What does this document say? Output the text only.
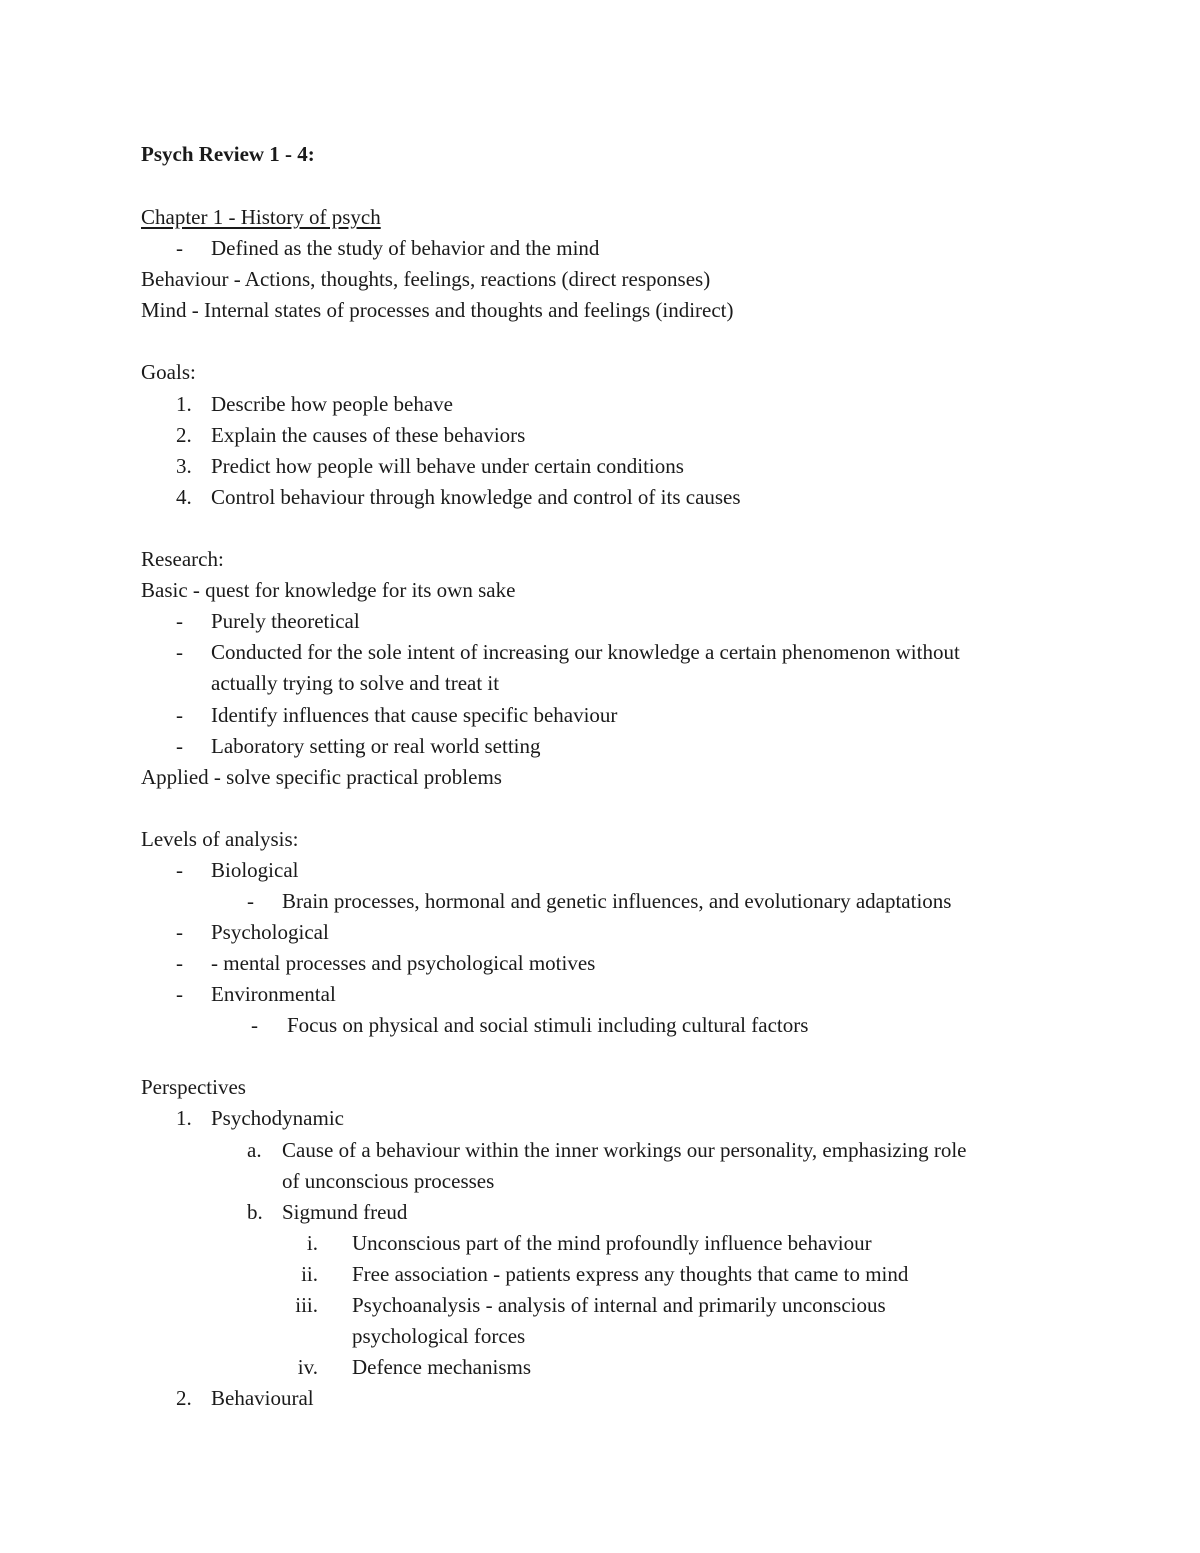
Psych Review 1 - 4:
Chapter 1 - History of psych
- Defined as the study of behavior and the mind
Behaviour - Actions, thoughts, feelings, reactions (direct responses)
Mind - Internal states of processes and thoughts and feelings (indirect)
Goals:
1. Describe how people behave
2. Explain the causes of these behaviors
3. Predict how people will behave under certain conditions
4. Control behaviour through knowledge and control of its causes
Research:
Basic - quest for knowledge for its own sake
- Purely theoretical
- Conducted for the sole intent of increasing our knowledge a certain phenomenon without
actually trying to solve and treat it
- Identify influences that cause specific behaviour
- Laboratory setting or real world setting
Applied - solve specific practical problems
Levels of analysis:
- Biological
- Brain processes, hormonal and genetic influences, and evolutionary adaptations
- Psychological
- - mental processes and psychological motives
- Environmental
- Focus on physical and social stimuli including cultural factors
Perspectives
1. Psychodynamic
a. Cause of a behaviour within the inner workings our personality, emphasizing role
of unconscious processes
b. Sigmund freud
i. Unconscious part of the mind profoundly influence behaviour
ii. Free association - patients express any thoughts that came to mind
iii. Psychoanalysis - analysis of internal and primarily unconscious
psychological forces
iv. Defence mechanisms
2. Behavioural
